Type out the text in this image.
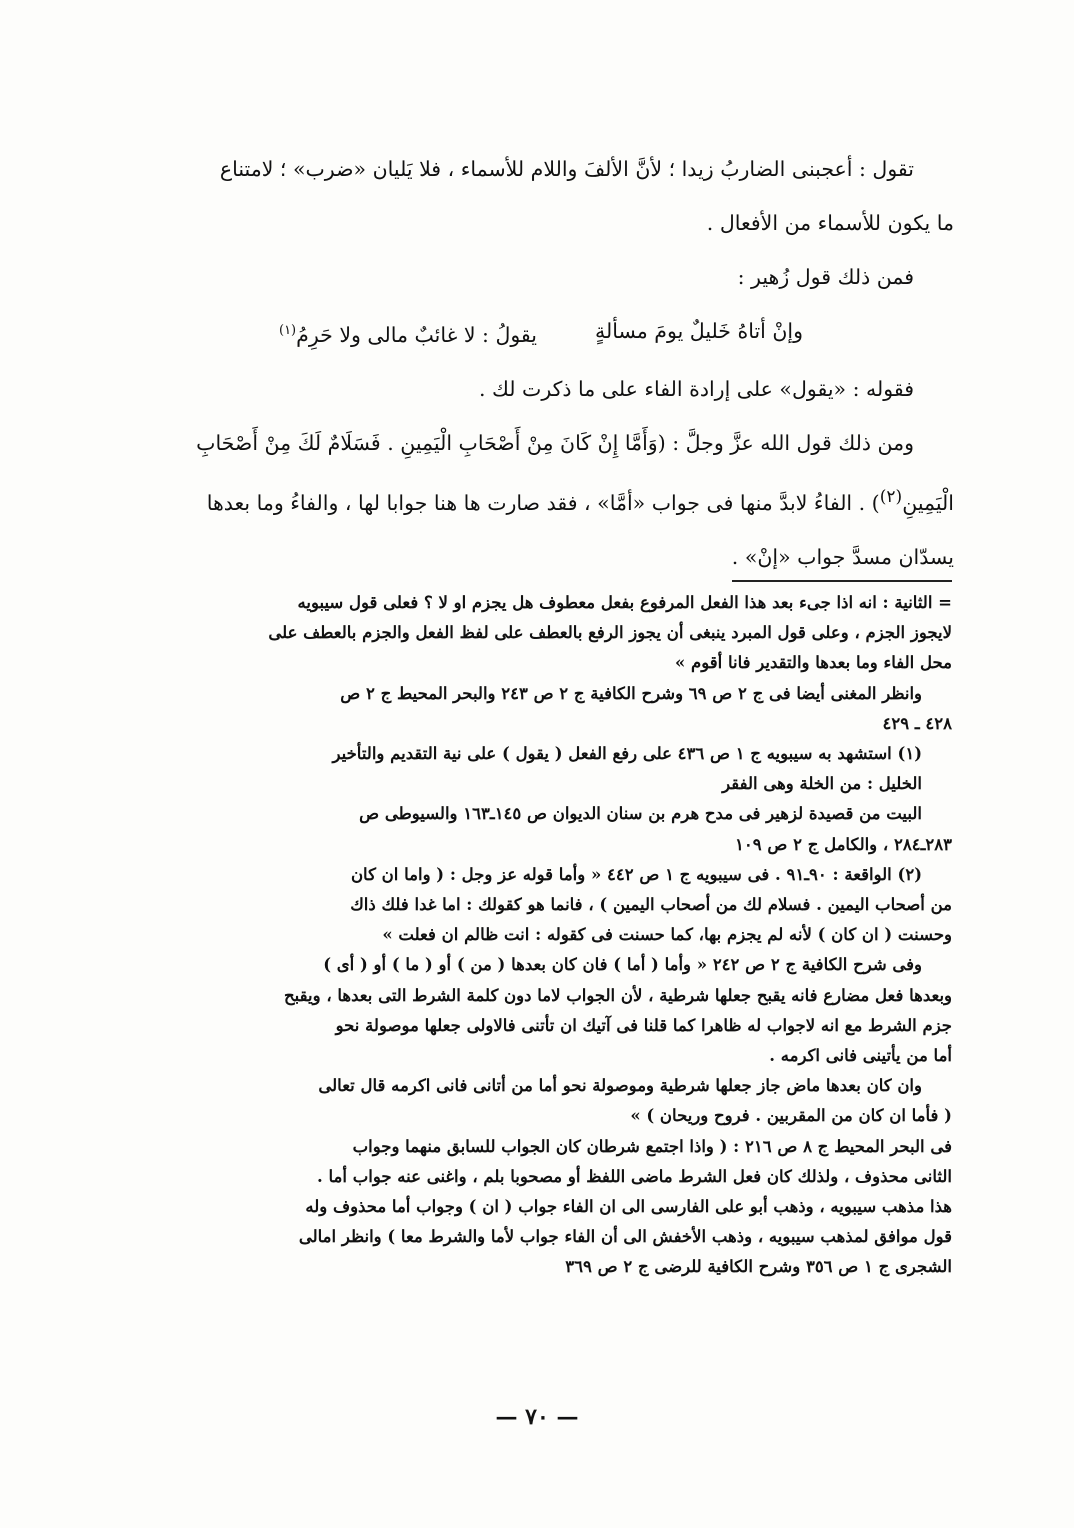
تقول : أعجبنى الضاربُ زيدا ؛ لأنَّ الألفَ واللام للأسماء ، فلا يَليان «ضرب» ؛ لامتناع

ما يكون للأسماء من الأفعال .

فمن ذلك قول زُهير :

وإنْ أتاهُ خَليلٌ يومَ مسألةٍ
يقولُ : لا غائبٌ مالى ولا حَرِمُ$^{(١)}$

فقوله : «يقول» على إرادة الفاء على ما ذكرت لك .

ومن ذلك قول الله عزَّ وجلَّ : (وَأَمَّا إِنْ كَانَ مِنْ أَصْحَابِ الْيَمِينِ . فَسَلَامٌ لَكَ مِنْ أَصْحَابِ

الْيَمِينِ$^{(٢)}$) . الفاءُ لابدَّ منها فى جواب «أمَّا» ، فقد صارت ها هنا جوابا لها ، والفاءُ وما بعدها

يسدّان مسدَّ جواب «إنْ» .

= الثانية : انه اذا جىء بعد هذا الفعل المرفوع بفعل معطوف هل يجزم او لا ؟ فعلى قول سيبويه

لايجوز الجزم ، وعلى قول المبرد ينبغى أن يجوز الرفع بالعطف على لفظ الفعل والجزم بالعطف على

محل الفاء وما بعدها والتقدير فانا أقوم »

وانظر المغنى أيضا فى ج ٢ ص ٦٩ وشرح الكافية ج ٢ ص ٢٤٣ والبحر المحيط ج ٢ ص

٤٢٨ ـ ٤٢٩

(١) استشهد به سيبويه ج ١ ص ٤٣٦ على رفع الفعل ( يقول ) على نية التقديم والتأخير

الخليل : من الخلة وهى الفقر

البيت من قصيدة لزهير فى مدح هرم بن سنان الديوان ص ١٤٥ـ١٦٣ والسيوطى ص

٢٨٣ـ٢٨٤ ، والكامل ج ٢ ص ١٠٩

(٢) الواقعة : ٩٠ـ٩١ . فى سيبويه ج ١ ص ٤٤٢ « وأما قوله عز وجل : ( واما ان كان

من أصحاب اليمين . فسلام لك من أصحاب اليمين ) ، فانما هو كقولك : اما غدا فلك ذاك

وحسنت ( ان كان ) لأنه لم يجزم بها، كما حسنت فى كقوله : انت ظالم ان فعلت »

وفى شرح الكافية ج ٢ ص ٢٤٢ « وأما ( أما ) فان كان بعدها ( من ) أو ( ما ) أو ( أى )

وبعدها فعل مضارع فانه يقبح جعلها شرطية ، لأن الجواب لاما دون كلمة الشرط التى بعدها ، ويقبح

جزم الشرط مع انه لاجواب له ظاهرا كما قلنا فى آتيك ان تأتنى فالاولى جعلها موصولة نحو

أما من يأتينى فانى اكرمه .

وان كان بعدها ماض جاز جعلها شرطية وموصولة نحو أما من أتانى فانى اكرمه قال تعالى

( فأما ان كان من المقربين . فروح وريحان ) »

فى البحر المحيط ج ٨ ص ٢١٦ : ( واذا اجتمع شرطان كان الجواب للسابق منهما وجواب

الثانى محذوف ، ولذلك كان فعل الشرط ماضى اللفظ أو مصحوبا بلم ، واغنى عنه جواب أما .

هذا مذهب سيبويه ، وذهب أبو على الفارسى الى ان الفاء جواب ( ان ) وجواب أما محذوف وله

قول موافق لمذهب سيبويه ، وذهب الأخفش الى أن الفاء جواب لأما والشرط معا ) وانظر امالى

الشجرى ج ١ ص ٣٥٦ وشرح الكافية للرضى ج ٢ ص ٣٦٩

— ٧٠ —
